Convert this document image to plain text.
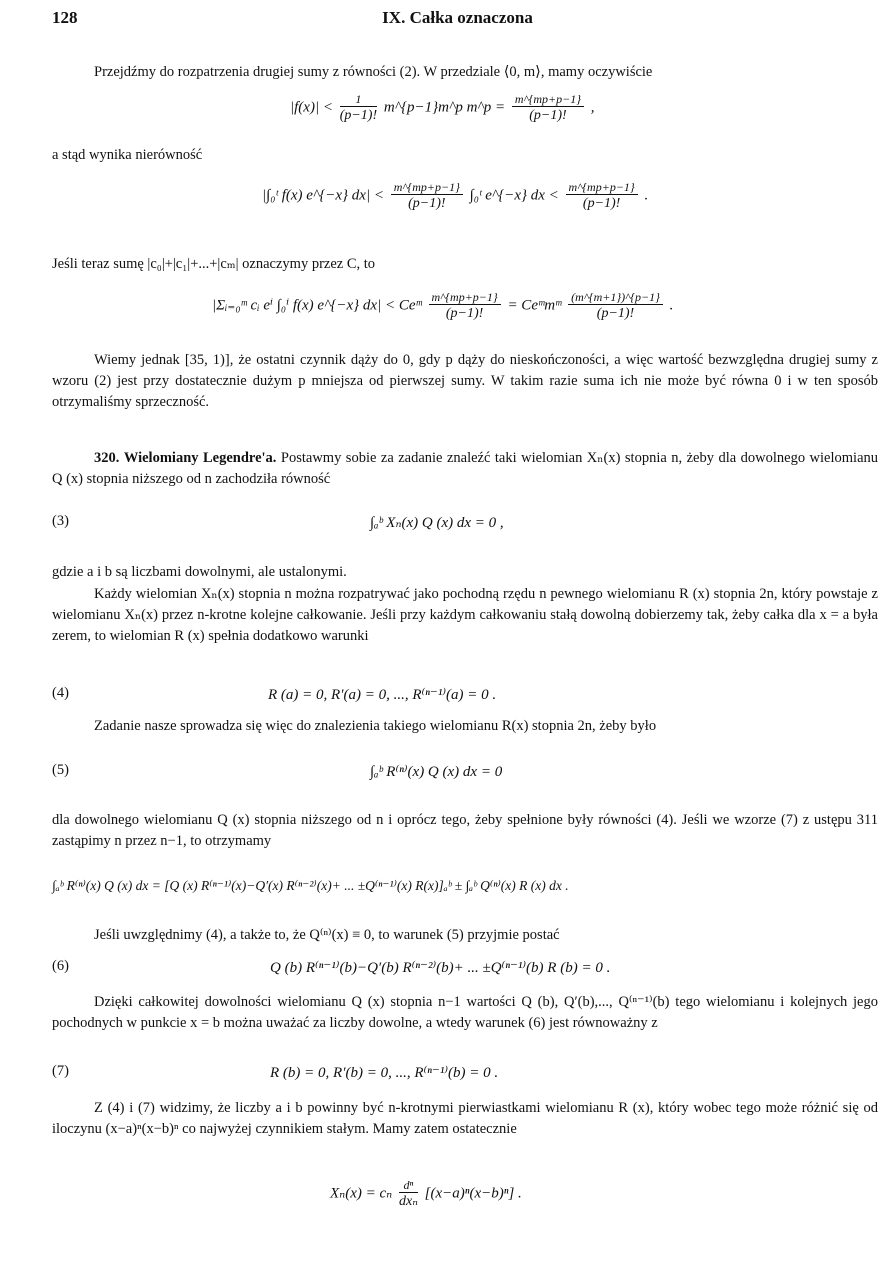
128	IX. Całka oznaczona
Przejdźmy do rozpatrzenia drugiej sumy z równości (2). W przedziale ⟨0, m⟩, mamy oczywiście
$|f(x)| < \frac{1}{(p-1)!}$ m^{p−1}m^p m^p = $\frac{m\^{}\{mp+p-1\}}{(p-1)!}$ ,
a stąd wynika nierówność
|∫₀ᵗ f(x) e^{−x} $dx| < \frac{m\^{}\{mp+p-1\}}{(p-1)!}$ ∫₀ᵗ e^{−x} dx < $\frac{m\^{}\{mp+p-1\}}{(p-1)!}$ .
Jeśli teraz sumę |c₀|+|c₁|+...+|cₘ| oznaczymy przez C, to
|Σᵢ₌₀ᵐ cᵢ eⁱ ∫₀ⁱ f(x) e^{−x} dx| < Ceᵐ $\frac{m\^{}\{mp+p-1\}}{(p-1)!}$ = Ceᵐmᵐ $\frac{(m\^{}\{m+1\})\^{}\{p-1\}}{(p-1)!}$ .
Wiemy jednak [35, 1)], że ostatni czynnik dąży do 0, gdy p dąży do nieskończoności, a więc wartość bezwzględna drugiej sumy z wzoru (2) jest przy dostatecznie dużym p mniejsza od pierwszej sumy. W takim razie suma ich nie może być równa 0 i w ten sposób otrzymaliśmy sprzeczność.
320. Wielomiany Legendre'a. Postawmy sobie za zadanie znaleźć taki wielomian Xₙ(x) stopnia n, żeby dla dowolnego wielomianu Q (x) stopnia niższego od n zachodziła równość
(3)	∫ₐᵇ Xₙ(x) Q (x) dx = 0 ,
gdzie a i b są liczbami dowolnymi, ale ustalonymi.
Każdy wielomian Xₙ(x) stopnia n można rozpatrywać jako pochodną rzędu n pewnego wielomianu R (x) stopnia 2n, który powstaje z wielomianu Xₙ(x) przez n-krotne kolejne całkowanie. Jeśli przy każdym całkowaniu stałą dowolną dobierzemy tak, żeby całka dla x = a była zerem, to wielomian R (x) spełnia dodatkowo warunki
(4)	R (a) = 0, R′(a) = 0, ..., R⁽ⁿ⁻¹⁾(a) = 0 .
Zadanie nasze sprowadza się więc do znalezienia takiego wielomianu R(x) stopnia 2n, żeby było
(5)	∫ₐᵇ R⁽ⁿ⁾(x) Q (x) dx = 0
dla dowolnego wielomianu Q (x) stopnia niższego od n i oprócz tego, żeby spełnione były równości (4). Jeśli we wzorze (7) z ustępu 311 zastąpimy n przez n−1, to otrzymamy
∫ₐᵇ R⁽ⁿ⁾(x) Q (x) dx = [Q (x) R⁽ⁿ⁻¹⁾(x)−Q′(x) R⁽ⁿ⁻²⁾(x)+ ... ±Q⁽ⁿ⁻¹⁾(x) R(x)]ₐᵇ ± ∫ₐᵇ Q⁽ⁿ⁾(x) R (x) dx .
Jeśli uwzględnimy (4), a także to, że Q⁽ⁿ⁾(x) ≡ 0, to warunek (5) przyjmie postać
(6)	Q (b) R⁽ⁿ⁻¹⁾(b)−Q′(b) R⁽ⁿ⁻²⁾(b)+ ... ±Q⁽ⁿ⁻¹⁾(b) R (b) = 0 .
Dzięki całkowitej dowolności wielomianu Q (x) stopnia n−1 wartości Q (b), Q′(b),..., Q⁽ⁿ⁻¹⁾(b) tego wielomianu i kolejnych jego pochodnych w punkcie x = b można uważać za liczby dowolne, a wtedy warunek (6) jest równoważny z
(7)	R (b) = 0, R′(b) = 0, ..., R⁽ⁿ⁻¹⁾(b) = 0 .
Z (4) i (7) widzimy, że liczby a i b powinny być n-krotnymi pierwiastkami wielomianu R (x), który wobec tego może różnić się od iloczynu (x−a)ⁿ(x−b)ⁿ co najwyżej czynnikiem stałym. Mamy zatem ostatecznie
Xₙ(x) = cₙ $\frac{\text{dⁿ}}{\text{dxₙ}} [(x-a)^n(x-b)^n]$ .
